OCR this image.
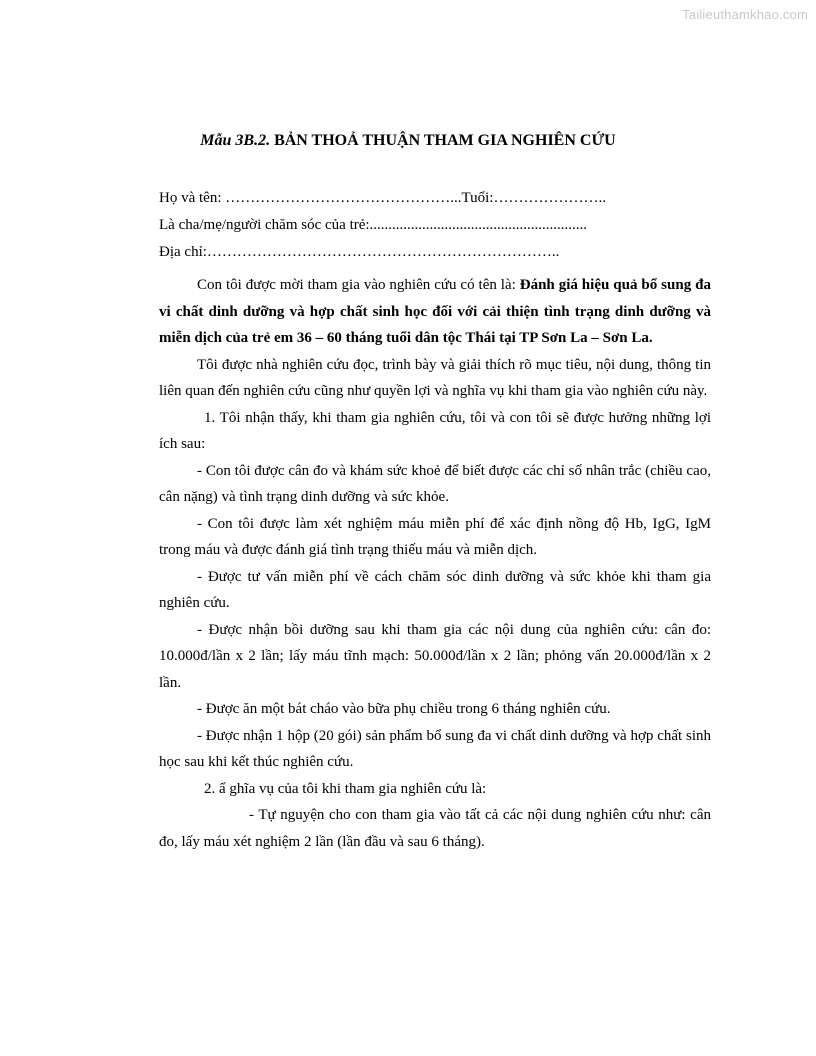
Tailieuthamkhao.com
Mẫu 3B.2. BẢN THOẢ THUẬN THAM GIA NGHIÊN CỨU
Họ và tên: ………………………………………...Tuổi:…………………..
Là cha/mẹ/người chăm sóc của trẻ:..........................................................
Địa chỉ:……………………………………………………………..

Con tôi được mời tham gia vào nghiên cứu có tên là: Đánh giá hiệu quả bổ sung đa vi chất dinh dưỡng và hợp chất sinh học đối với cải thiện tình trạng dinh dưỡng và miễn dịch của trẻ em 36 – 60 tháng tuổi dân tộc Thái tại TP Sơn La – Sơn La.

Tôi được nhà nghiên cứu đọc, trình bày và giải thích rõ mục tiêu, nội dung, thông tin liên quan đến nghiên cứu cũng như quyền lợi và nghĩa vụ khi tham gia vào nghiên cứu này.

1. Tôi nhận thấy, khi tham gia nghiên cứu, tôi và con tôi sẽ được hưởng những lợi ích sau:

- Con tôi được cân đo và khám sức khoẻ để biết được các chỉ số nhân trắc (chiều cao, cân nặng) và tình trạng dinh dưỡng và sức khỏe.

- Con tôi được làm xét nghiệm máu miễn phí để xác định nồng độ Hb, IgG, IgM trong máu và được đánh giá tình trạng thiếu máu và miễn dịch.

- Được tư vấn miễn phí về cách chăm sóc dinh dưỡng và sức khỏe khi tham gia nghiên cứu.

- Được nhận bồi dưỡng sau khi tham gia các nội dung của nghiên cứu: cân đo: 10.000đ/lần x 2 lần; lấy máu tĩnh mạch: 50.000đ/lần x 2 lần; phỏng vấn 20.000đ/lần x 2 lần.

- Được ăn một bát cháo vào bữa phụ chiều trong 6 tháng nghiên cứu.

- Được nhận 1 hộp (20 gói) sản phẩm bổ sung đa vi chất dinh dưỡng và hợp chất sinh học sau khi kết thúc nghiên cứu.

2. ẩ ghĩa vụ của tôi khi tham gia nghiên cứu là:

- Tự nguyện cho con tham gia vào tất cả các nội dung nghiên cứu như: cân đo, lấy máu xét nghiệm 2 lần (lần đầu và sau 6 tháng).
